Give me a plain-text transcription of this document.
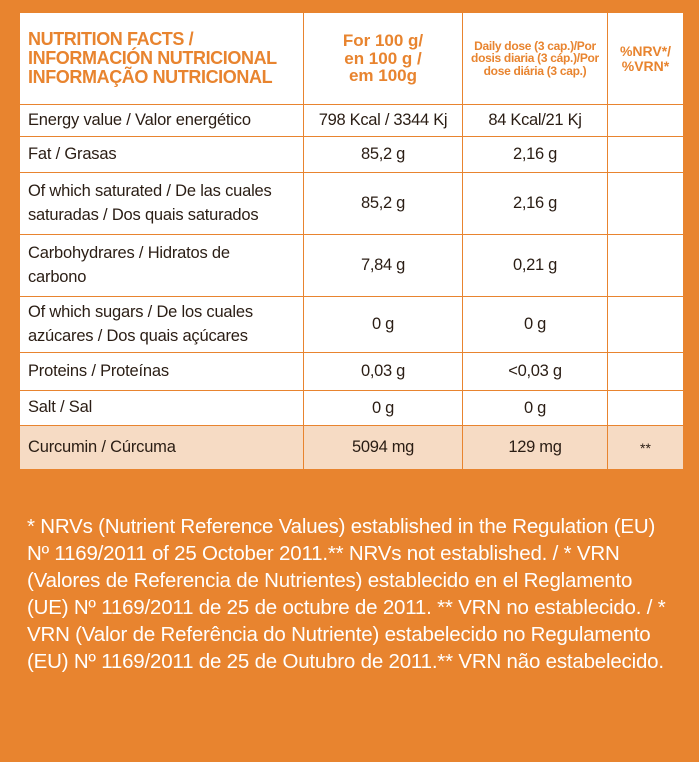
NUTRITION FACTS /
INFORMACIÓN NUTRICIONAL
INFORMAÇÃO NUTRICIONAL	For 100 g/
en 100 g /
em 100g	Daily dose (3 cap.)/Por
dosis diaria (3 cáp.)/Por
dose diária (3 cap.)	%NRV*/
%VRN*

Energy value / Valor energético	798 Kcal / 3344 Kj	84 Kcal/21 Kj	
Fat / Grasas	85,2 g	2,16 g	

Of which saturated / De las cuales
saturadas / Dos quais saturados	85,2 g	2,16 g	

Carbohydrares / Hidratos de
carbono	7,84 g	0,21 g	

Of which sugars / De los cuales
azúcares / Dos quais açúcares	0 g	0 g	
Proteins / Proteínas	0,03 g	<0,03 g	
Salt / Sal	0 g	0 g	
Curcumin / Cúrcuma	5094 mg	129 mg	**

* NRVs (Nutrient Reference Values) established in the Regulation (EU) Nº 1169/2011 of 25 October 2011.** NRVs not established. / * VRN (Valores de Referencia de Nutrientes) establecido en el Reglamento (UE) Nº 1169/2011 de 25 de octubre de 2011. ** VRN no establecido. / * VRN (Valor de Referência do Nutriente) estabelecido no Regulamento (EU) Nº 1169/2011 de 25 de Outubro de 2011.** VRN não estabelecido.
